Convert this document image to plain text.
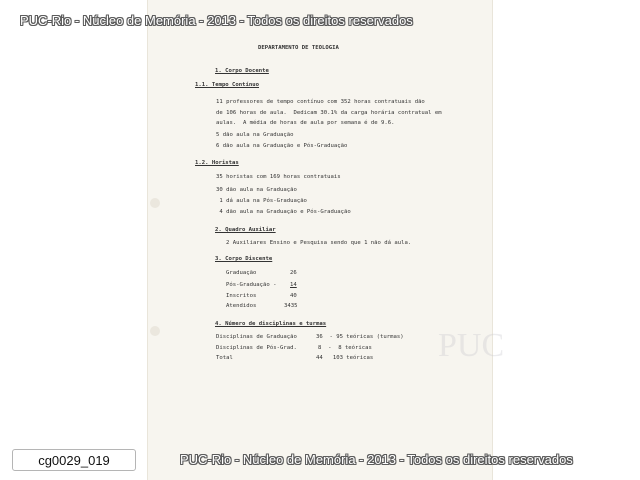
PUC
DEPARTAMENTO DE TEOLOGIA
1. Corpo Docente
1.1. Tempo Contínuo
11 professores de tempo contínuo com 352 horas contratuais dão
de 106 horas de aula.  Dedicam 30.1% da carga horária contratual em
aulas.  A média de horas de aula por semana é de 9.6.
5 dão aula na Graduação
6 dão aula na Graduação e Pós-Graduação
1.2. Horistas
35 horistas com 169 horas contratuais
30 dão aula na Graduação
1 dá aula na Pós-Graduação
4 dão aula na Graduação e Pós-Graduação
2. Quadro Auxiliar
2 Auxiliares Ensino e Pesquisa sendo que 1 não dá aula.
3. Corpo Discente
Graduação	26
Pós-Graduação - 14
Inscritos	40
Atendidos	3435
4. Número de disciplinas e turmas
Disciplinas de Graduação	36  - 95 teóricas (turmas)
Disciplinas de Pós-Grad.	8  -  8 teóricas
Total	44   103 teóricas
PUC-Rio - Núcleo de Memória - 2013 - Todos os direitos reservados
PUC-Rio - Núcleo de Memória - 2013 - Todos os direitos reservados
cg0029_019
